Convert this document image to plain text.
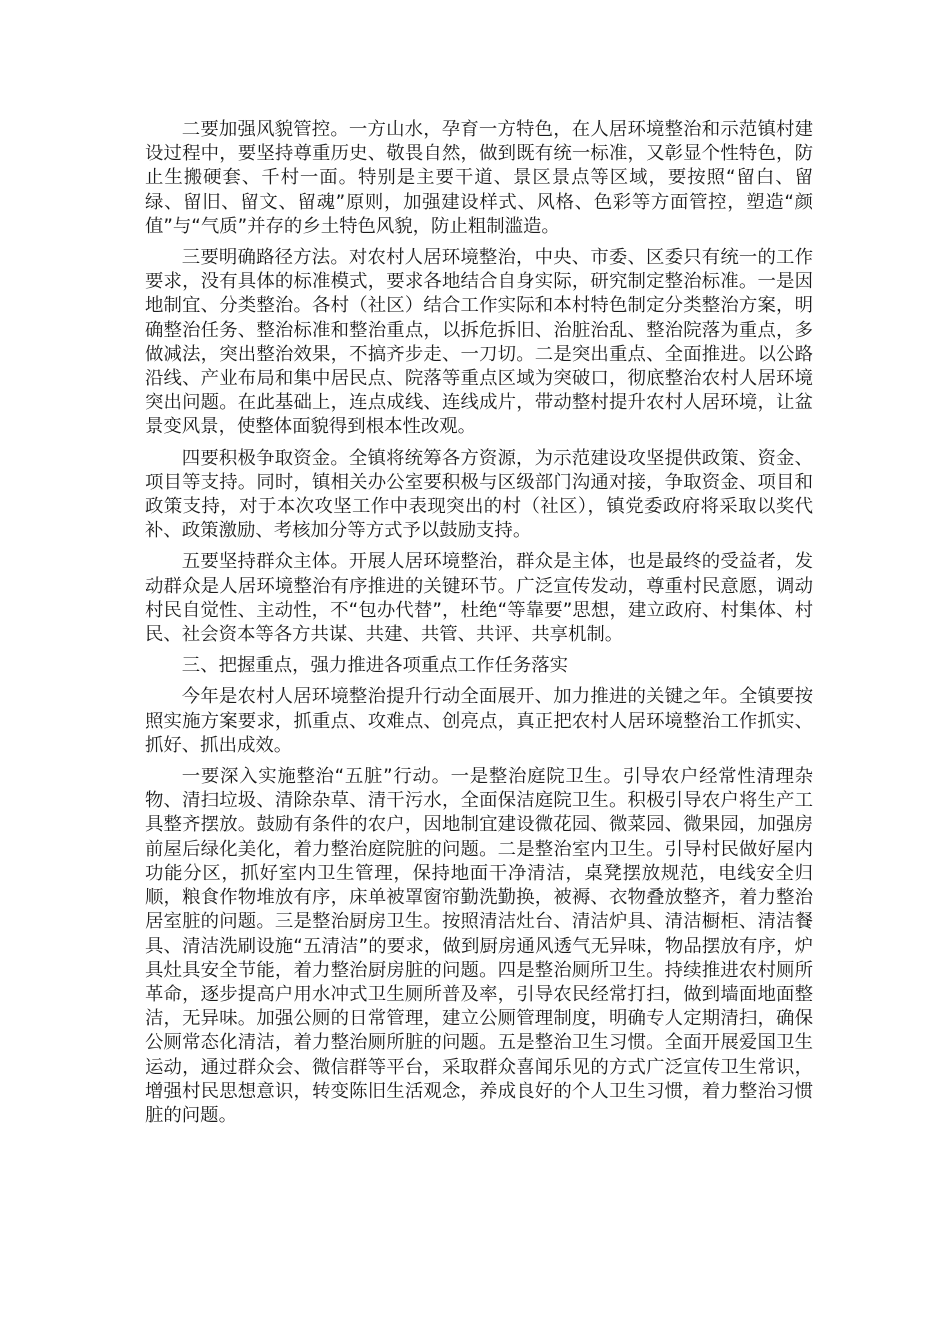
二要加强风貌管控。一方山水，孕育一方特色，在人居环境整治和示范镇村建设过程中，要坚持尊重历史、敬畏自然，做到既有统一标准，又彰显个性特色，防止生搬硬套、千村一面。特别是主要干道、景区景点等区域，要按照“留白、留绿、留旧、留文、留魂”原则，加强建设样式、风格、色彩等方面管控，塑造“颜值”与“气质”并存的乡土特色风貌，防止粗制滥造。

三要明确路径方法。对农村人居环境整治，中央、市委、区委只有统一的工作要求，没有具体的标准模式，要求各地结合自身实际，研究制定整治标准。一是因地制宜、分类整治。各村（社区）结合工作实际和本村特色制定分类整治方案，明确整治任务、整治标准和整治重点，以拆危拆旧、治脏治乱、整治院落为重点，多做减法，突出整治效果，不搞齐步走、一刀切。二是突出重点、全面推进。以公路沿线、产业布局和集中居民点、院落等重点区域为突破口，彻底整治农村人居环境突出问题。在此基础上，连点成线、连线成片，带动整村提升农村人居环境，让盆景变风景，使整体面貌得到根本性改观。

四要积极争取资金。全镇将统筹各方资源，为示范建设攻坚提供政策、资金、项目等支持。同时，镇相关办公室要积极与区级部门沟通对接，争取资金、项目和政策支持，对于本次攻坚工作中表现突出的村（社区），镇党委政府将采取以奖代补、政策激励、考核加分等方式予以鼓励支持。

五要坚持群众主体。开展人居环境整治，群众是主体，也是最终的受益者，发动群众是人居环境整治有序推进的关键环节。广泛宣传发动，尊重村民意愿，调动村民自觉性、主动性，不“包办代替”，杜绝“等靠要”思想，建立政府、村集体、村民、社会资本等各方共谋、共建、共管、共评、共享机制。

三、把握重点，强力推进各项重点工作任务落实

今年是农村人居环境整治提升行动全面展开、加力推进的关键之年。全镇要按照实施方案要求，抓重点、攻难点、创亮点，真正把农村人居环境整治工作抓实、抓好、抓出成效。

一要深入实施整治“五脏”行动。一是整治庭院卫生。引导农户经常性清理杂物、清扫垃圾、清除杂草、清干污水，全面保洁庭院卫生。积极引导农户将生产工具整齐摆放。鼓励有条件的农户，因地制宜建设微花园、微菜园、微果园，加强房前屋后绿化美化，着力整治庭院脏的问题。二是整治室内卫生。引导村民做好屋内功能分区，抓好室内卫生管理，保持地面干净清洁，桌凳摆放规范，电线安全归顺，粮食作物堆放有序，床单被罩窗帘勤洗勤换，被褥、衣物叠放整齐，着力整治居室脏的问题。三是整治厨房卫生。按照清洁灶台、清洁炉具、清洁橱柜、清洁餐具、清洁洗刷设施“五清洁”的要求，做到厨房通风透气无异味，物品摆放有序，炉具灶具安全节能，着力整治厨房脏的问题。四是整治厕所卫生。持续推进农村厕所革命，逐步提高户用水冲式卫生厕所普及率，引导农民经常打扫，做到墙面地面整洁，无异味。加强公厕的日常管理，建立公厕管理制度，明确专人定期清扫，确保公厕常态化清洁，着力整治厕所脏的问题。五是整治卫生习惯。全面开展爱国卫生运动，通过群众会、微信群等平台，采取群众喜闻乐见的方式广泛宣传卫生常识，增强村民思想意识，转变陈旧生活观念，养成良好的个人卫生习惯，着力整治习惯脏的问题。
